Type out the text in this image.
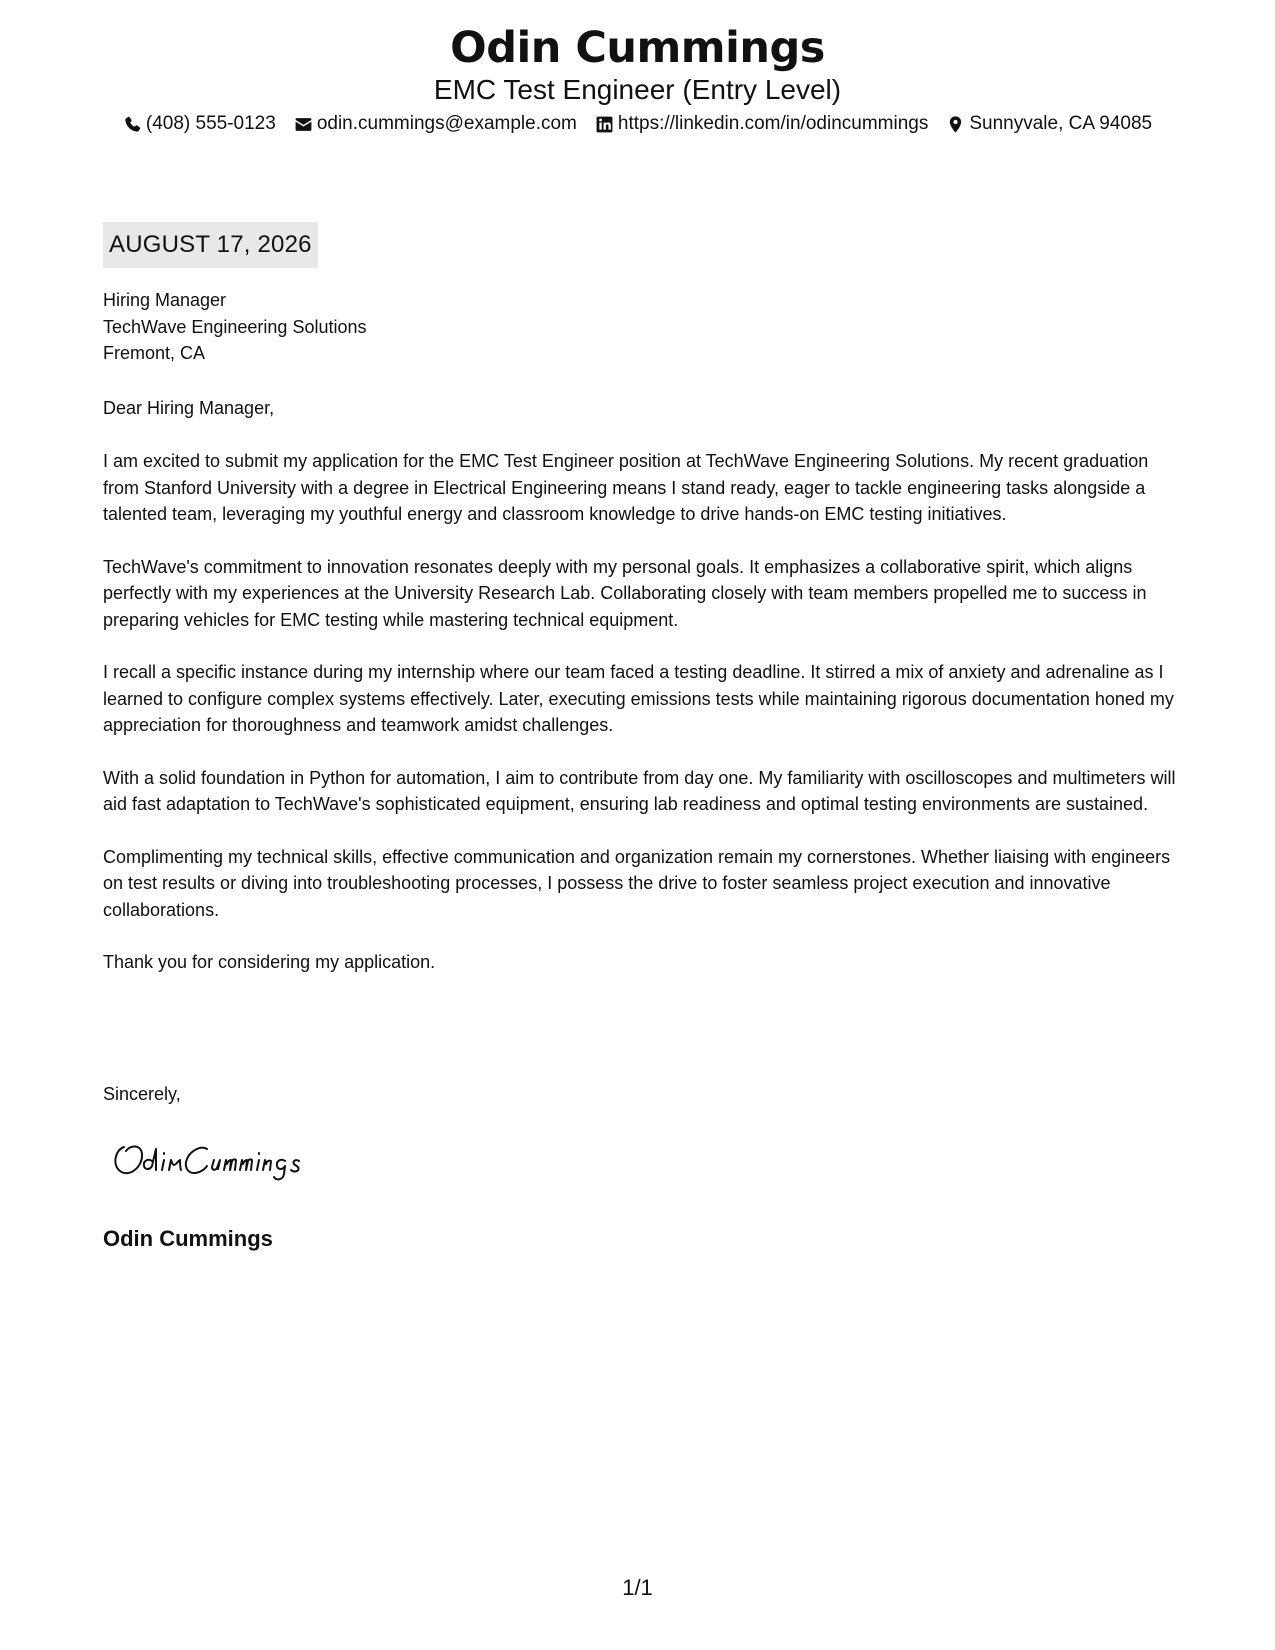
Odin Cummings
EMC Test Engineer (Entry Level)
(408) 555-0123 odin.cummings@example.com https://linkedin.com/in/odincummings Sunnyvale, CA 94085
AUGUST 17, 2026
Hiring Manager
TechWave Engineering Solutions
Fremont, CA
Dear Hiring Manager,

I am excited to submit my application for the EMC Test Engineer position at TechWave Engineering Solutions. My recent graduation from Stanford University with a degree in Electrical Engineering means I stand ready, eager to tackle engineering tasks alongside a talented team, leveraging my youthful energy and classroom knowledge to drive hands-on EMC testing initiatives.

TechWave's commitment to innovation resonates deeply with my personal goals. It emphasizes a collaborative spirit, which aligns perfectly with my experiences at the University Research Lab. Collaborating closely with team members propelled me to success in preparing vehicles for EMC testing while mastering technical equipment.

I recall a specific instance during my internship where our team faced a testing deadline. It stirred a mix of anxiety and adrenaline as I learned to configure complex systems effectively. Later, executing emissions tests while maintaining rigorous documentation honed my appreciation for thoroughness and teamwork amidst challenges.

With a solid foundation in Python for automation, I aim to contribute from day one. My familiarity with oscilloscopes and multimeters will aid fast adaptation to TechWave's sophisticated equipment, ensuring lab readiness and optimal testing environments are sustained.

Complimenting my technical skills, effective communication and organization remain my cornerstones. Whether liaising with engineers on test results or diving into troubleshooting processes, I possess the drive to foster seamless project execution and innovative collaborations.

Thank you for considering my application.

Sincerely,
Odin Cummings
1/1
